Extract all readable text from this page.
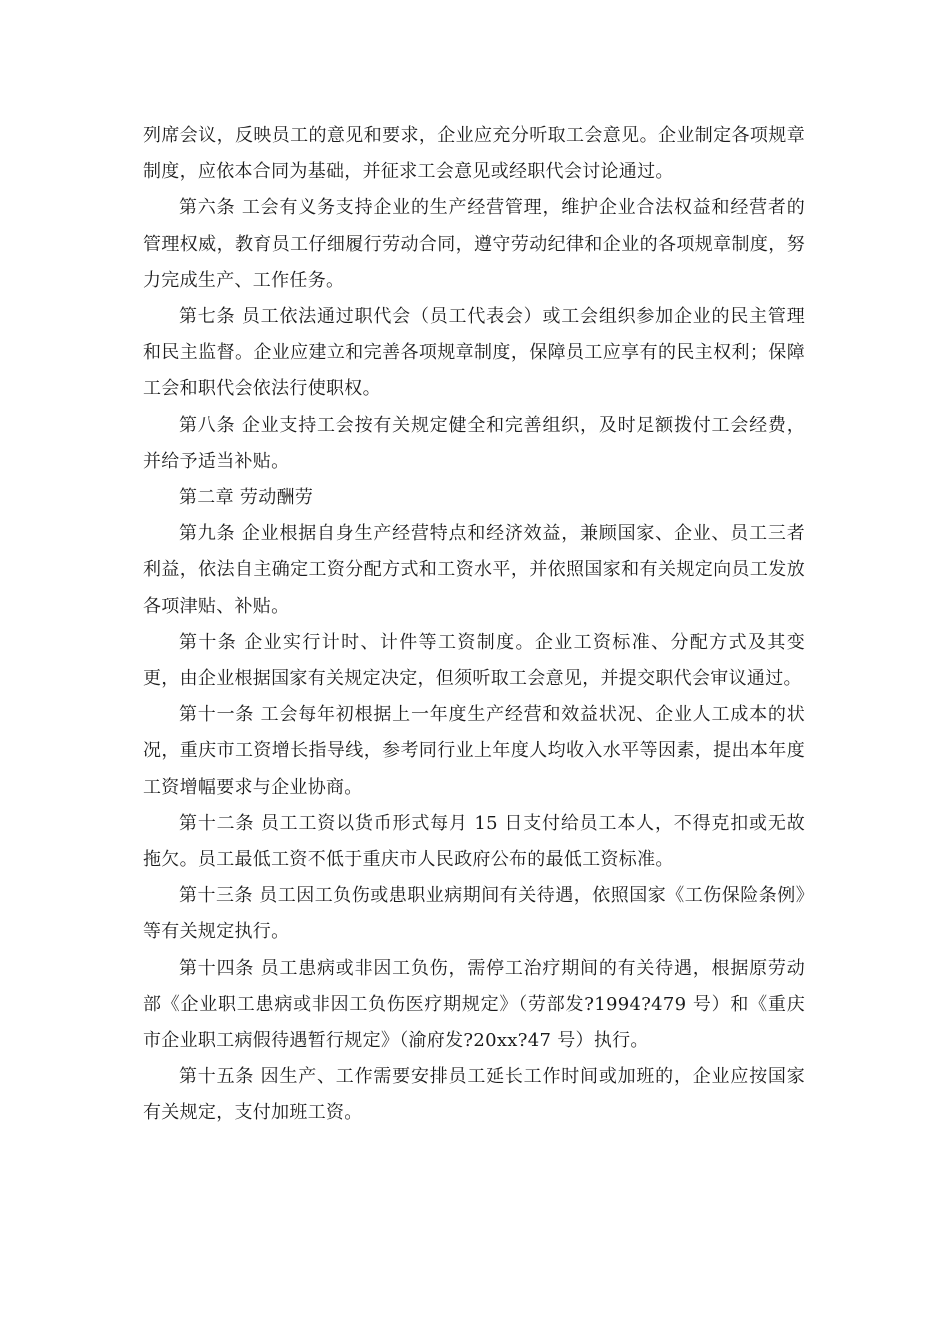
列席会议，反映员工的意见和要求，企业应充分听取工会意见。企业制定各项规章制度，应依本合同为基础，并征求工会意见或经职代会讨论通过。

第六条 工会有义务支持企业的生产经营管理，维护企业合法权益和经营者的管理权威，教育员工仔细履行劳动合同，遵守劳动纪律和企业的各项规章制度，努力完成生产、工作任务。

第七条 员工依法通过职代会（员工代表会）或工会组织参加企业的民主管理和民主监督。企业应建立和完善各项规章制度，保障员工应享有的民主权利；保障工会和职代会依法行使职权。

第八条 企业支持工会按有关规定健全和完善组织，及时足额拨付工会经费，并给予适当补贴。

第二章 劳动酬劳

第九条 企业根据自身生产经营特点和经济效益，兼顾国家、企业、员工三者利益，依法自主确定工资分配方式和工资水平，并依照国家和有关规定向员工发放各项津贴、补贴。

第十条 企业实行计时、计件等工资制度。企业工资标准、分配方式及其变更，由企业根据国家有关规定决定，但须听取工会意见，并提交职代会审议通过。

第十一条 工会每年初根据上一年度生产经营和效益状况、企业人工成本的状况，重庆市工资增长指导线，参考同行业上年度人均收入水平等因素，提出本年度工资增幅要求与企业协商。

第十二条 员工工资以货币形式每月 15 日支付给员工本人，不得克扣或无故拖欠。员工最低工资不低于重庆市人民政府公布的最低工资标准。

第十三条 员工因工负伤或患职业病期间有关待遇，依照国家《工伤保险条例》等有关规定执行。

第十四条 员工患病或非因工负伤，需停工治疗期间的有关待遇，根据原劳动部《企业职工患病或非因工负伤医疗期规定》（劳部发?1994?479 号）和《重庆市企业职工病假待遇暂行规定》（渝府发?20xx?47 号）执行。

第十五条 因生产、工作需要安排员工延长工作时间或加班的，企业应按国家有关规定，支付加班工资。
